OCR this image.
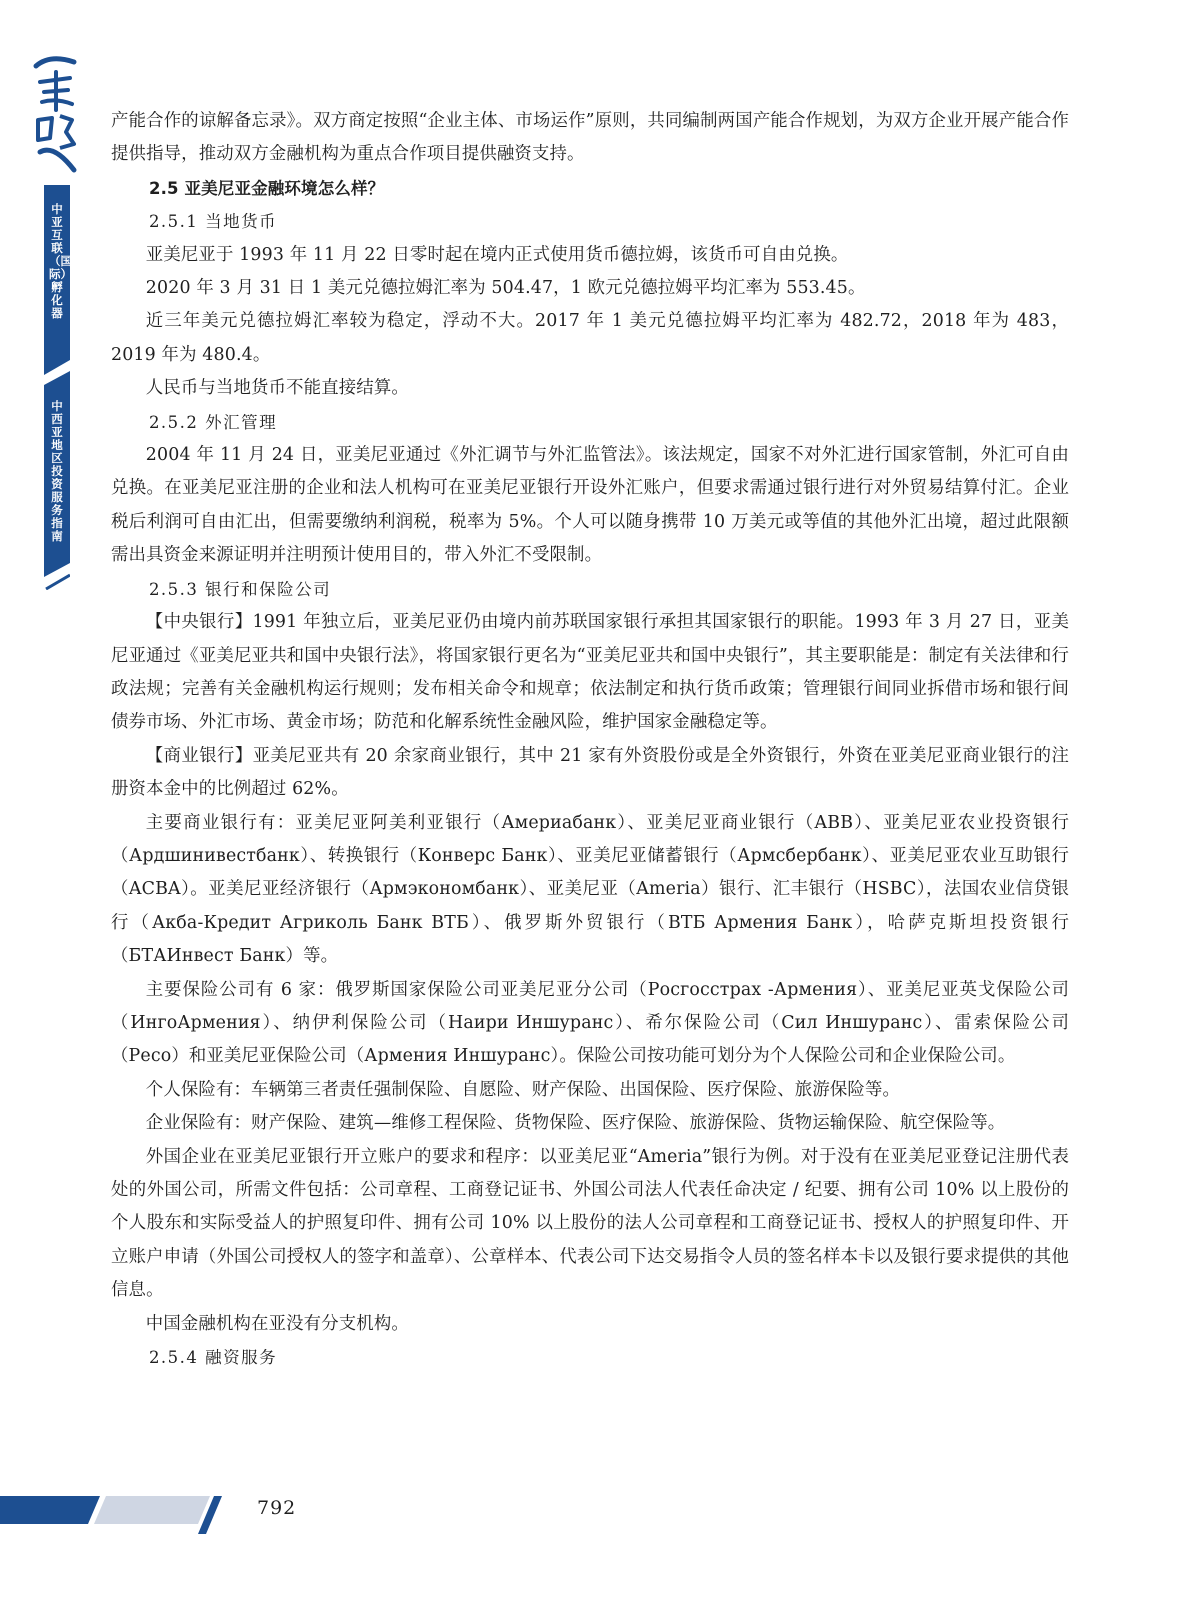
中亚互联（国际）孵化器
中西亚地区投资服务指南

产能合作的谅解备忘录》。双方商定按照“企业主体、市场运作”原则，共同编制两国产能合作规划，为双方企业开展产能合作提供指导，推动双方金融机构为重点合作项目提供融资支持。

2.5 亚美尼亚金融环境怎么样？

2.5.1 当地货币

亚美尼亚于 1993 年 11 月 22 日零时起在境内正式使用货币德拉姆，该货币可自由兑换。

2020 年 3 月 31 日 1 美元兑德拉姆汇率为 504.47，1 欧元兑德拉姆平均汇率为 553.45。

近三年美元兑德拉姆汇率较为稳定，浮动不大。2017 年 1 美元兑德拉姆平均汇率为 482.72，2018 年为 483，2019 年为 480.4。

人民币与当地货币不能直接结算。

2.5.2 外汇管理

2004 年 11 月 24 日，亚美尼亚通过《外汇调节与外汇监管法》。该法规定，国家不对外汇进行国家管制，外汇可自由兑换。在亚美尼亚注册的企业和法人机构可在亚美尼亚银行开设外汇账户，但要求需通过银行进行对外贸易结算付汇。企业税后利润可自由汇出，但需要缴纳利润税，税率为 5%。个人可以随身携带 10 万美元或等值的其他外汇出境，超过此限额需出具资金来源证明并注明预计使用目的，带入外汇不受限制。

2.5.3 银行和保险公司

【中央银行】1991 年独立后，亚美尼亚仍由境内前苏联国家银行承担其国家银行的职能。1993 年 3 月 27 日，亚美尼亚通过《亚美尼亚共和国中央银行法》，将国家银行更名为“亚美尼亚共和国中央银行”，其主要职能是：制定有关法律和行政法规；完善有关金融机构运行规则；发布相关命令和规章；依法制定和执行货币政策；管理银行间同业拆借市场和银行间债券市场、外汇市场、黄金市场；防范和化解系统性金融风险，维护国家金融稳定等。

【商业银行】亚美尼亚共有 20 余家商业银行，其中 21 家有外资股份或是全外资银行，外资在亚美尼亚商业银行的注册资本金中的比例超过 62%。

主要商业银行有：亚美尼亚阿美利亚银行（Америабанк）、亚美尼亚商业银行（ABB）、亚美尼亚农业投资银行（Ардшинивестбанк）、转换银行（Конверс Банк）、亚美尼亚储蓄银行（Армсбербанк）、亚美尼亚农业互助银行（ACBA）。亚美尼亚经济银行（Армэкономбанк）、亚美尼亚（Ameria）银行、汇丰银行（HSBC），法国农业信贷银行（Акба-Кредит Агриколь Банк ВТБ）、俄罗斯外贸银行（ВТБ Армения Банк），哈萨克斯坦投资银行（БТАИнвест Банк）等。

主要保险公司有 6 家：俄罗斯国家保险公司亚美尼亚分公司（Росгосстрах -Армения）、亚美尼亚英戈保险公司（ИнгоАрмения）、纳伊利保险公司（Наири Иншуранс）、希尔保险公司（Сил Иншуранс）、雷索保险公司（Ресо）和亚美尼亚保险公司（Армения Иншуранс）。保险公司按功能可划分为个人保险公司和企业保险公司。

个人保险有：车辆第三者责任强制保险、自愿险、财产保险、出国保险、医疗保险、旅游保险等。

企业保险有：财产保险、建筑—维修工程保险、货物保险、医疗保险、旅游保险、货物运输保险、航空保险等。

外国企业在亚美尼亚银行开立账户的要求和程序：以亚美尼亚“Ameria”银行为例。对于没有在亚美尼亚登记注册代表处的外国公司，所需文件包括：公司章程、工商登记证书、外国公司法人代表任命决定 / 纪要、拥有公司 10% 以上股份的个人股东和实际受益人的护照复印件、拥有公司 10% 以上股份的法人公司章程和工商登记证书、授权人的护照复印件、开立账户申请（外国公司授权人的签字和盖章）、公章样本、代表公司下达交易指令人员的签名样本卡以及银行要求提供的其他信息。

中国金融机构在亚没有分支机构。

2.5.4 融资服务

792
